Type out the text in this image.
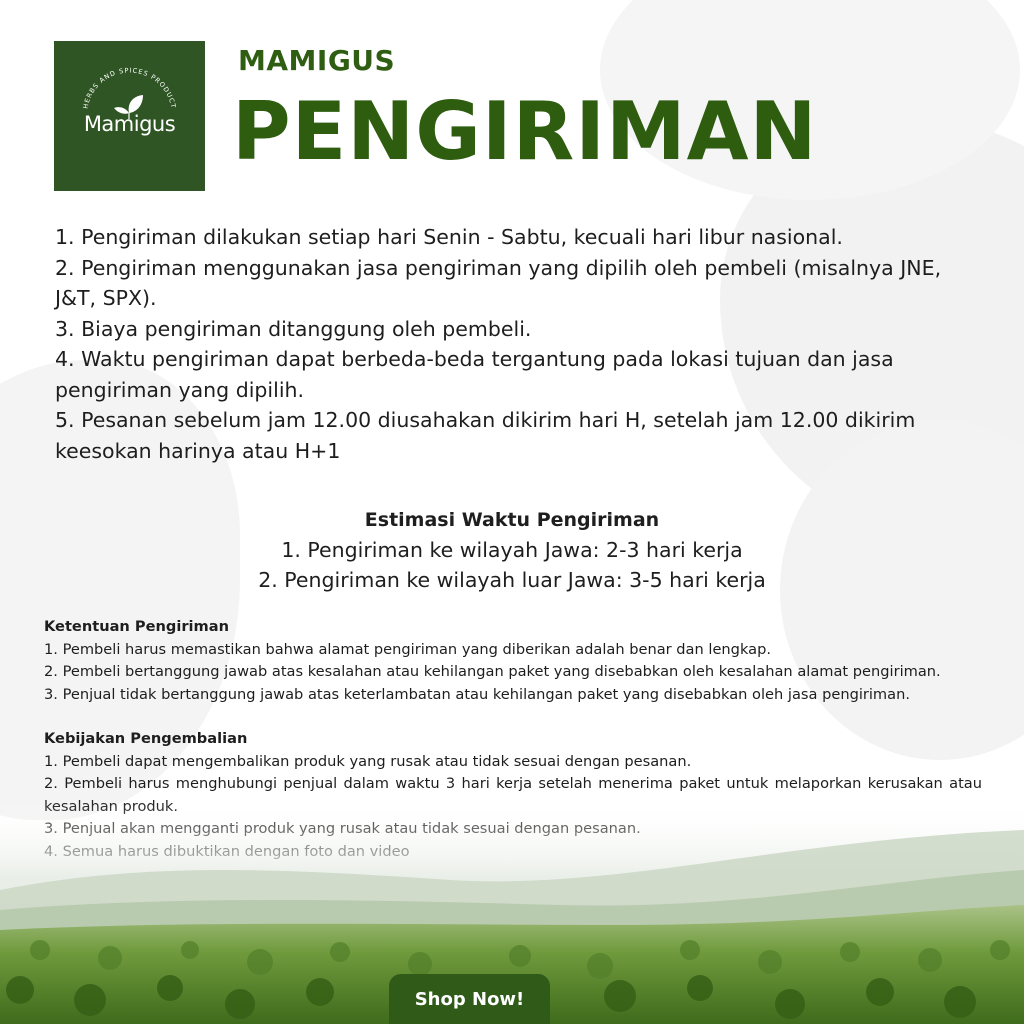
HERBS AND SPICES PRODUCT
Mamigus
MAMIGUS
PENGIRIMAN
1. Pengiriman dilakukan setiap hari Senin - Sabtu, kecuali hari libur nasional.
2. Pengiriman menggunakan jasa pengiriman yang dipilih oleh pembeli (misalnya JNE, J&T, SPX).
3. Biaya pengiriman ditanggung oleh pembeli.
4. Waktu pengiriman dapat berbeda-beda tergantung pada lokasi tujuan dan jasa pengiriman yang dipilih.
5. Pesanan sebelum jam 12.00 diusahakan dikirim hari H, setelah jam 12.00 dikirim keesokan harinya atau H+1
Estimasi Waktu Pengiriman
1. Pengiriman ke wilayah Jawa: 2-3 hari kerja
2. Pengiriman ke wilayah luar Jawa: 3-5 hari kerja
Ketentuan Pengiriman
1. Pembeli harus memastikan bahwa alamat pengiriman yang diberikan adalah benar dan lengkap.
2. Pembeli bertanggung jawab atas kesalahan atau kehilangan paket yang disebabkan oleh kesalahan alamat pengiriman.
3. Penjual tidak bertanggung jawab atas keterlambatan atau kehilangan paket yang disebabkan oleh jasa pengiriman.
Kebijakan Pengembalian
1. Pembeli dapat mengembalikan produk yang rusak atau tidak sesuai dengan pesanan.
2. Pembeli harus menghubungi penjual dalam waktu 3 hari kerja setelah menerima paket untuk melaporkan kerusakan atau
Shop Now!
